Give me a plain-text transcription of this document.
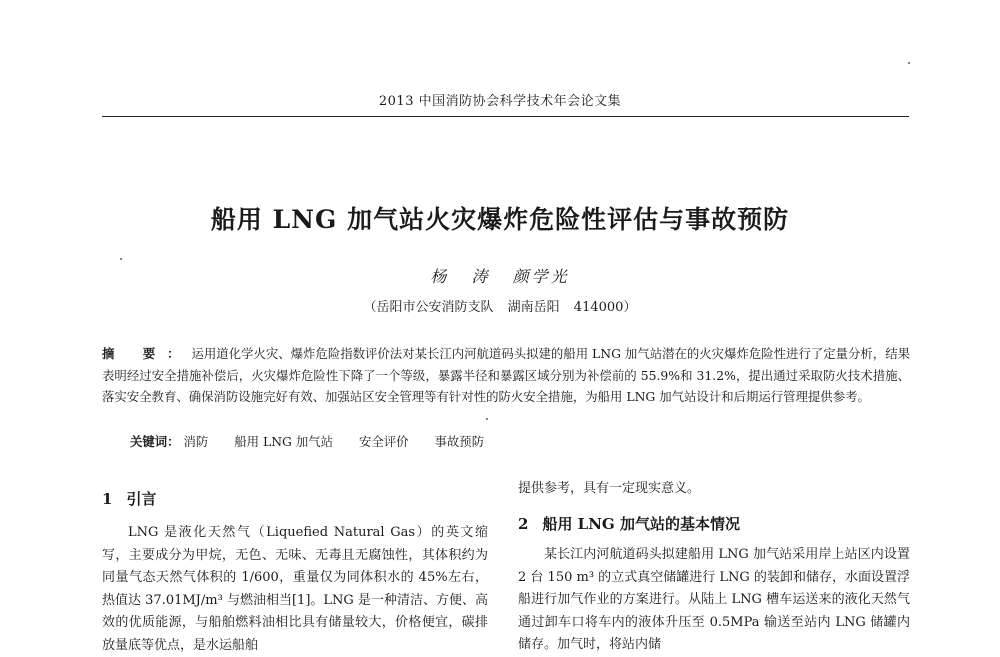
2013 中国消防协会科学技术年会论文集
船用 LNG 加气站火灾爆炸危险性评估与事故预防
杨 涛 颜学光
（岳阳市公安消防支队 湖南岳阳 414000）
摘 要：运用道化学火灾、爆炸危险指数评价法对某长江内河航道码头拟建的船用 LNG 加气站潜在的火灾爆炸危险性进行了定量分析，结果表明经过安全措施补偿后，火灾爆炸危险性下降了一个等级，暴露半径和暴露区域分别为补偿前的 55.9%和 31.2%，提出通过采取防火技术措施、落实安全教育、确保消防设施完好有效、加强站区安全管理等有针对性的防火安全措施，为船用 LNG 加气站设计和后期运行管理提供参考。
关键词： 消防 船用 LNG 加气站 安全评价 事故预防
1 引言
LNG 是液化天然气（Liquefied Natural Gas）的英文缩写，主要成分为甲烷，无色、无味、无毒且无腐蚀性，其体积约为同量气态天然气体积的 1/600，重量仅为同体积水的 45%左右，热值达 37.01MJ/m³ 与燃油相当[1]。LNG 是一种清洁、方便、高效的优质能源，与船舶燃料油相比具有储量较大，价格便宜，碳排放量底等优点，是水运船舶
提供参考，具有一定现实意义。
2 船用 LNG 加气站的基本情况
某长江内河航道码头拟建船用 LNG 加气站采用岸上站区内设置 2 台 150 m³ 的立式真空储罐进行 LNG 的装卸和储存，水面设置浮船进行加气作业的方案进行。从陆上 LNG 槽车运送来的液化天然气通过卸车口将车内的液体升压至 0.5MPa 输送至站内 LNG 储罐内储存。加气时，将站内储
